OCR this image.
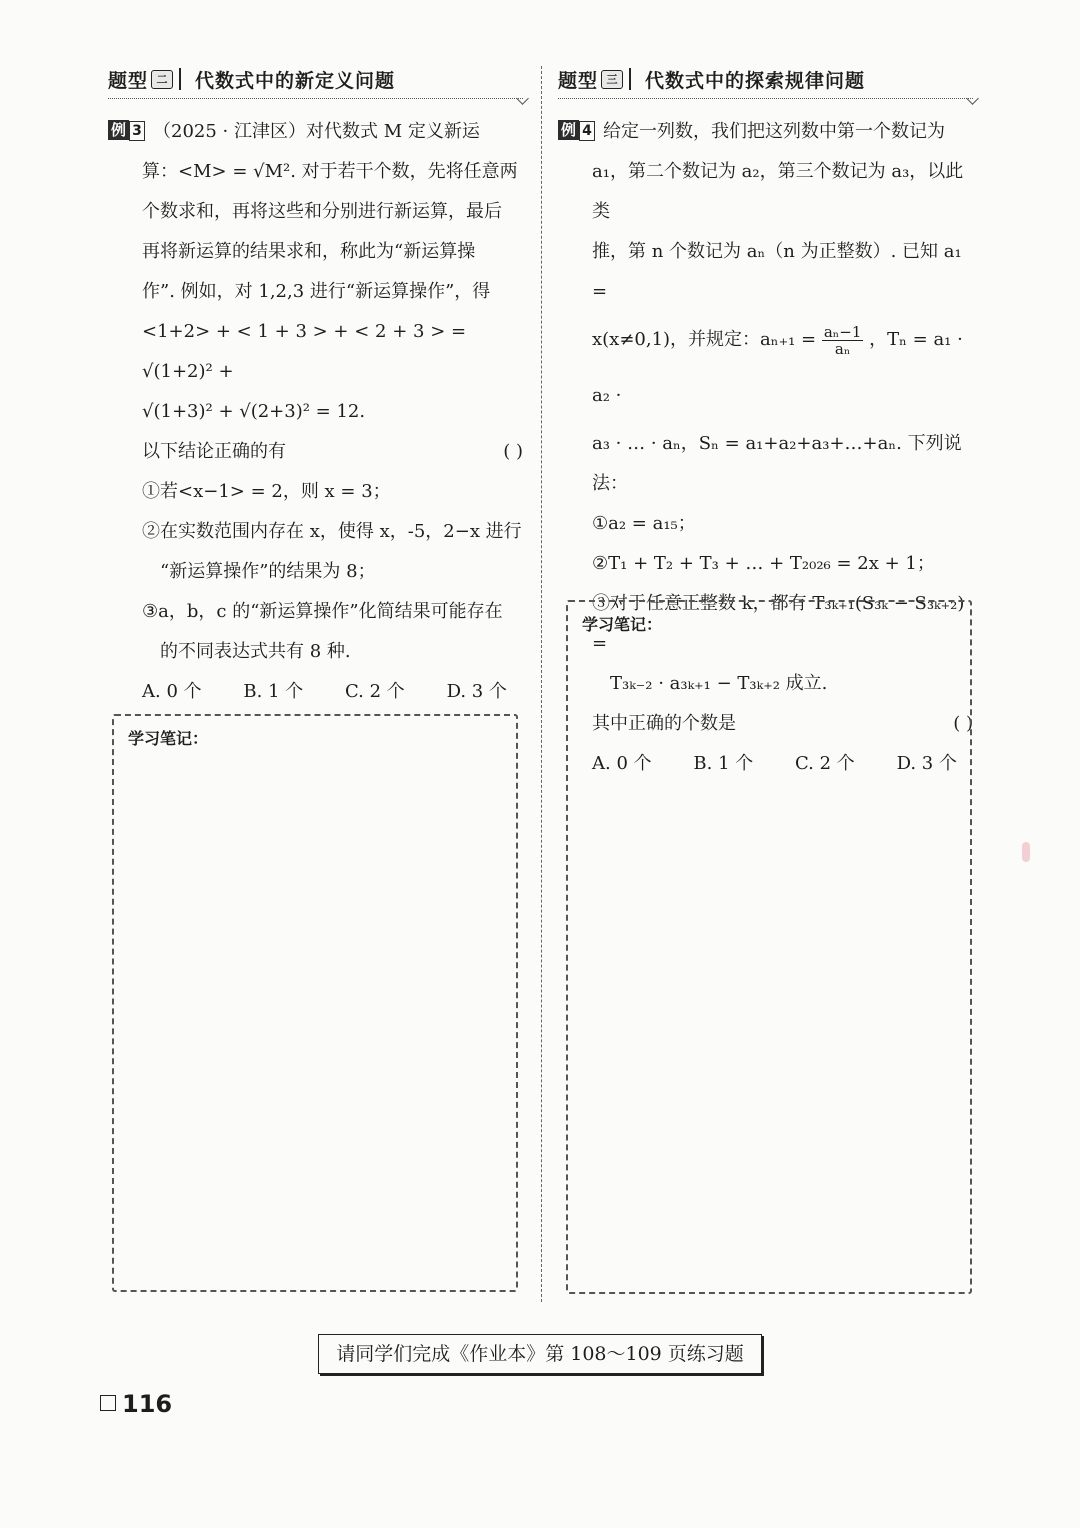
题型 二 代数式中的新定义问题
例 3 （2025 · 江津区）对代数式 M 定义新运
算：<M> = √M². 对于若干个数，先将任意两
个数求和，再将这些和分别进行新运算，最后
再将新运算的结果求和，称此为“新运算操
作”. 例如，对 1,2,3 进行“新运算操作”，得
<1+2> + < 1 + 3 > + < 2 + 3 > = √(1+2)² +
√(1+3)² + √(2+3)² = 12.
以下结论正确的有	( )
①若<x−1> = 2，则 x = 3；
②在实数范围内存在 x，使得 x，-5，2−x 进行
“新运算操作”的结果为 8；
③a，b，c 的“新运算操作”化简结果可能存在
的不同表达式共有 8 种.
A. 0 个 B. 1 个 C. 2 个 D. 3 个
学习笔记：
题型 三 代数式中的探索规律问题
例 4 给定一列数，我们把这列数中第一个数记为
a₁，第二个数记为 a₂，第三个数记为 a₃，以此类
推，第 n 个数记为 aₙ（n 为正整数）. 已知 a₁ =
x(x≠0,1)，并规定：$a_{n+1} = \frac{\text{aₙ−1}}{\text{aₙ}}$ ，Tₙ = a₁ · a₂ ·
a₃ · … · aₙ，Sₙ = a₁+a₂+a₃+…+aₙ. 下列说法：
①a₂ = a₁₅；
②T₁ + T₂ + T₃ + … + T₂₀₂₆ = 2x + 1；
③对于任意正整数 k，都有 T₃ₖ₊₁(S₃ₖ − S₃ₖ₊₂) =
T₃ₖ₋₂ · a₃ₖ₊₁ − T₃ₖ₊₂ 成立.
其中正确的个数是	( )
A. 0 个 B. 1 个 C. 2 个 D. 3 个
学习笔记：
请同学们完成《作业本》第 108～109 页练习题
116
